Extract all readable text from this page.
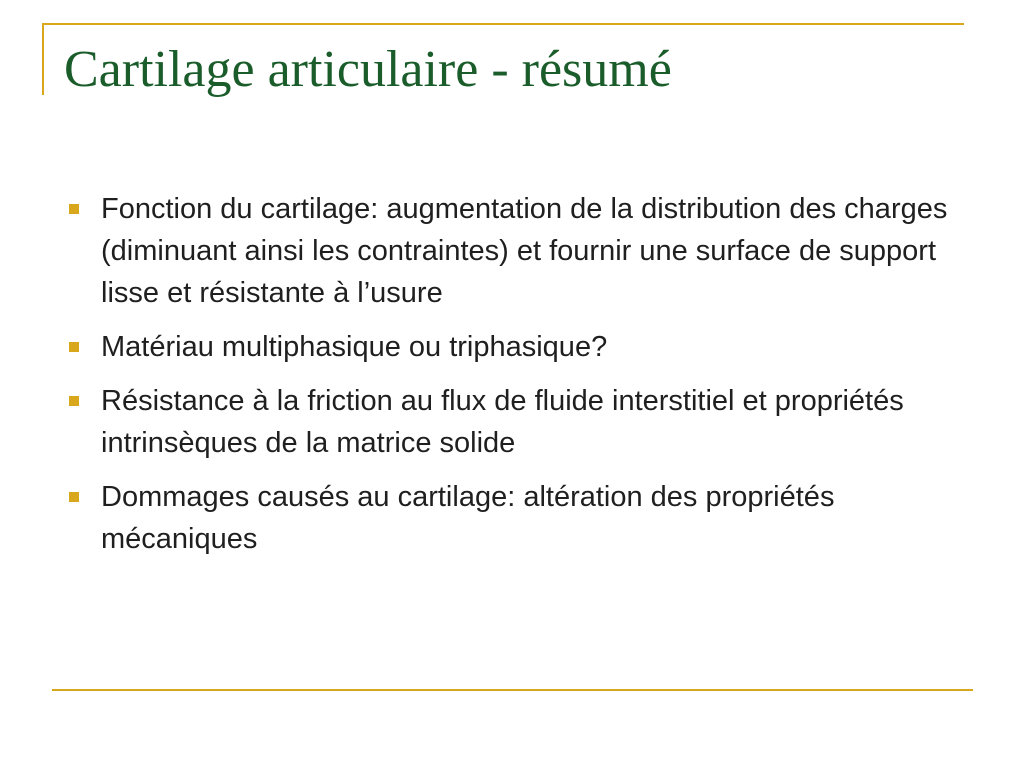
Cartilage articulaire - résumé
Fonction du cartilage: augmentation de la distribution des charges (diminuant ainsi les contraintes) et fournir une surface de support lisse et résistante à l’usure
Matériau multiphasique ou triphasique?
Résistance à la friction au flux de fluide interstitiel et propriétés intrinsèques de la matrice solide
Dommages causés au cartilage: altération des propriétés mécaniques
